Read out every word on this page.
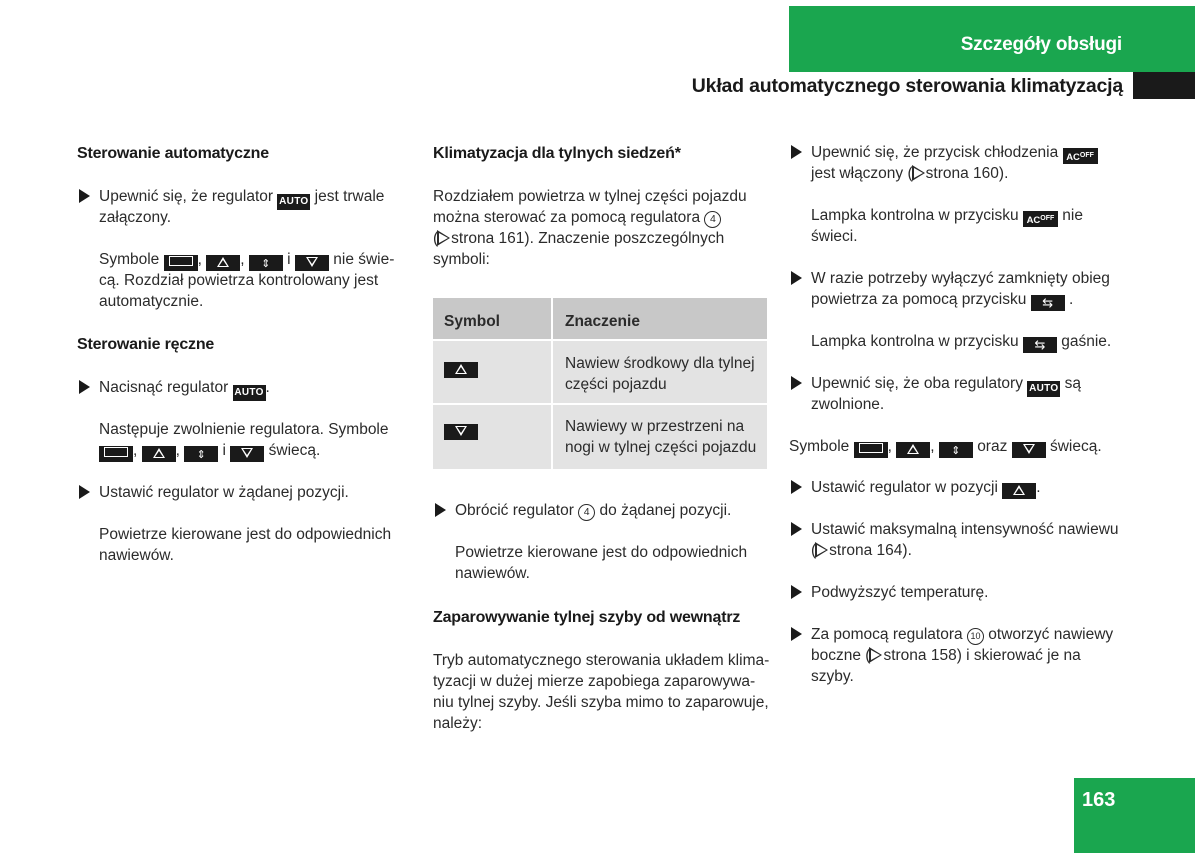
Szczegóły obsługi
Układ automatycznego sterowania klimatyzacją
Sterowanie automatyczne
Upewnić się, że regulator AUTO jest trwale
załączony.
Symbole , , ⇕ i  nie świe-
cą. Rozdział powietrza kontrolowany jest
automatycznie.
Sterowanie ręczne
Nacisnąć regulator AUTO .
Następuje zwolnienie regulatora. Symbole
, , ⇕ i  świecą.
Ustawić regulator w żądanej pozycji.
Powietrze kierowane jest do odpowiednich
nawiewów.
Klimatyzacja dla tylnych siedzeń*
Rozdziałem powietrza w tylnej części pojazdu
można sterować za pomocą regulatora 4
( strona 161). Znaczenie poszczególnych
symboli:
Symbol	Znaczenie
Nawiew środkowy dla tylnej
części pojazdu
Nawiewy w przestrzeni na
nogi w tylnej części pojazdu
Obrócić regulator 4 do żądanej pozycji.
Powietrze kierowane jest do odpowiednich
nawiewów.
Zaparowywanie tylnej szyby od wewnątrz
Tryb automatycznego sterowania układem klima-
tyzacji w dużej mierze zapobiega zaparowywa-
niu tylnej szyby. Jeśli szyba mimo to zaparowuje,
należy:
Upewnić się, że przycisk chłodzenia $AC^{OFF}$
jest włączony ( strona 160).
Lampka kontrolna w przycisku $AC^{OFF}$ nie
świeci.
W razie potrzeby wyłączyć zamknięty obieg
powietrza za pomocą przycisku ⇆ .
Lampka kontrolna w przycisku ⇆ gaśnie.
Upewnić się, że oba regulatory AUTO są
zwolnione.
Symbole , , ⇕ oraz	świecą.
Ustawić regulator w pozycji .
Ustawić maksymalną intensywność nawiewu
( strona 164).
Podwyższyć temperaturę.
Za pomocą regulatora 10 otworzyć nawiewy
boczne ( strona 158) i skierować je na
szyby.
163
